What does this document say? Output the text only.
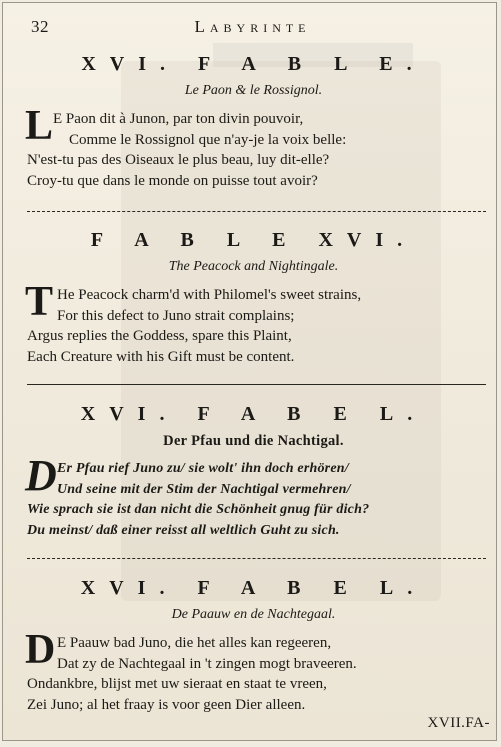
32	Labyrinte
XVI. F A B L E.
Le Paon & le Rossignol.
L E Paon dit à Junon, par ton divin pouvoir,
Comme le Rossignol que n'ay-je la voix belle:
N'est-tu pas des Oiseaux le plus beau, luy dit-elle?
Croy-tu que dans le monde on puisse tout avoir?
F A B L E XVI.
The Peacock and Nightingale.
T He Peacock charm'd with Philomel's sweet strains,
For this defect to Juno strait complains;
Argus replies the Goddess, spare this Plaint,
Each Creature with his Gift must be content.
XVI. F A B E L.
Der Pfau und die Nachtigal.
D Er Pfau rief Juno zu/ sie wolt' ihn doch erhören/
Und seine mit der Stim der Nachtigal vermehren/
Wie sprach sie ist dan nicht die Schönheit gnug für dich?
Du meinst/ daß einer reisst all weltlich Guht zu sich.
XVI. F A B E L.
De Paauw en de Nachtegaal.
D E Paauw bad Juno, die het alles kan regeeren,
Dat zy de Nachtegaal in 't zingen mogt braveeren.
Ondankbre, blijst met uw sieraat en staat te vreen,
Zei Juno; al het fraay is voor geen Dier alleen.
XVII.FA-
